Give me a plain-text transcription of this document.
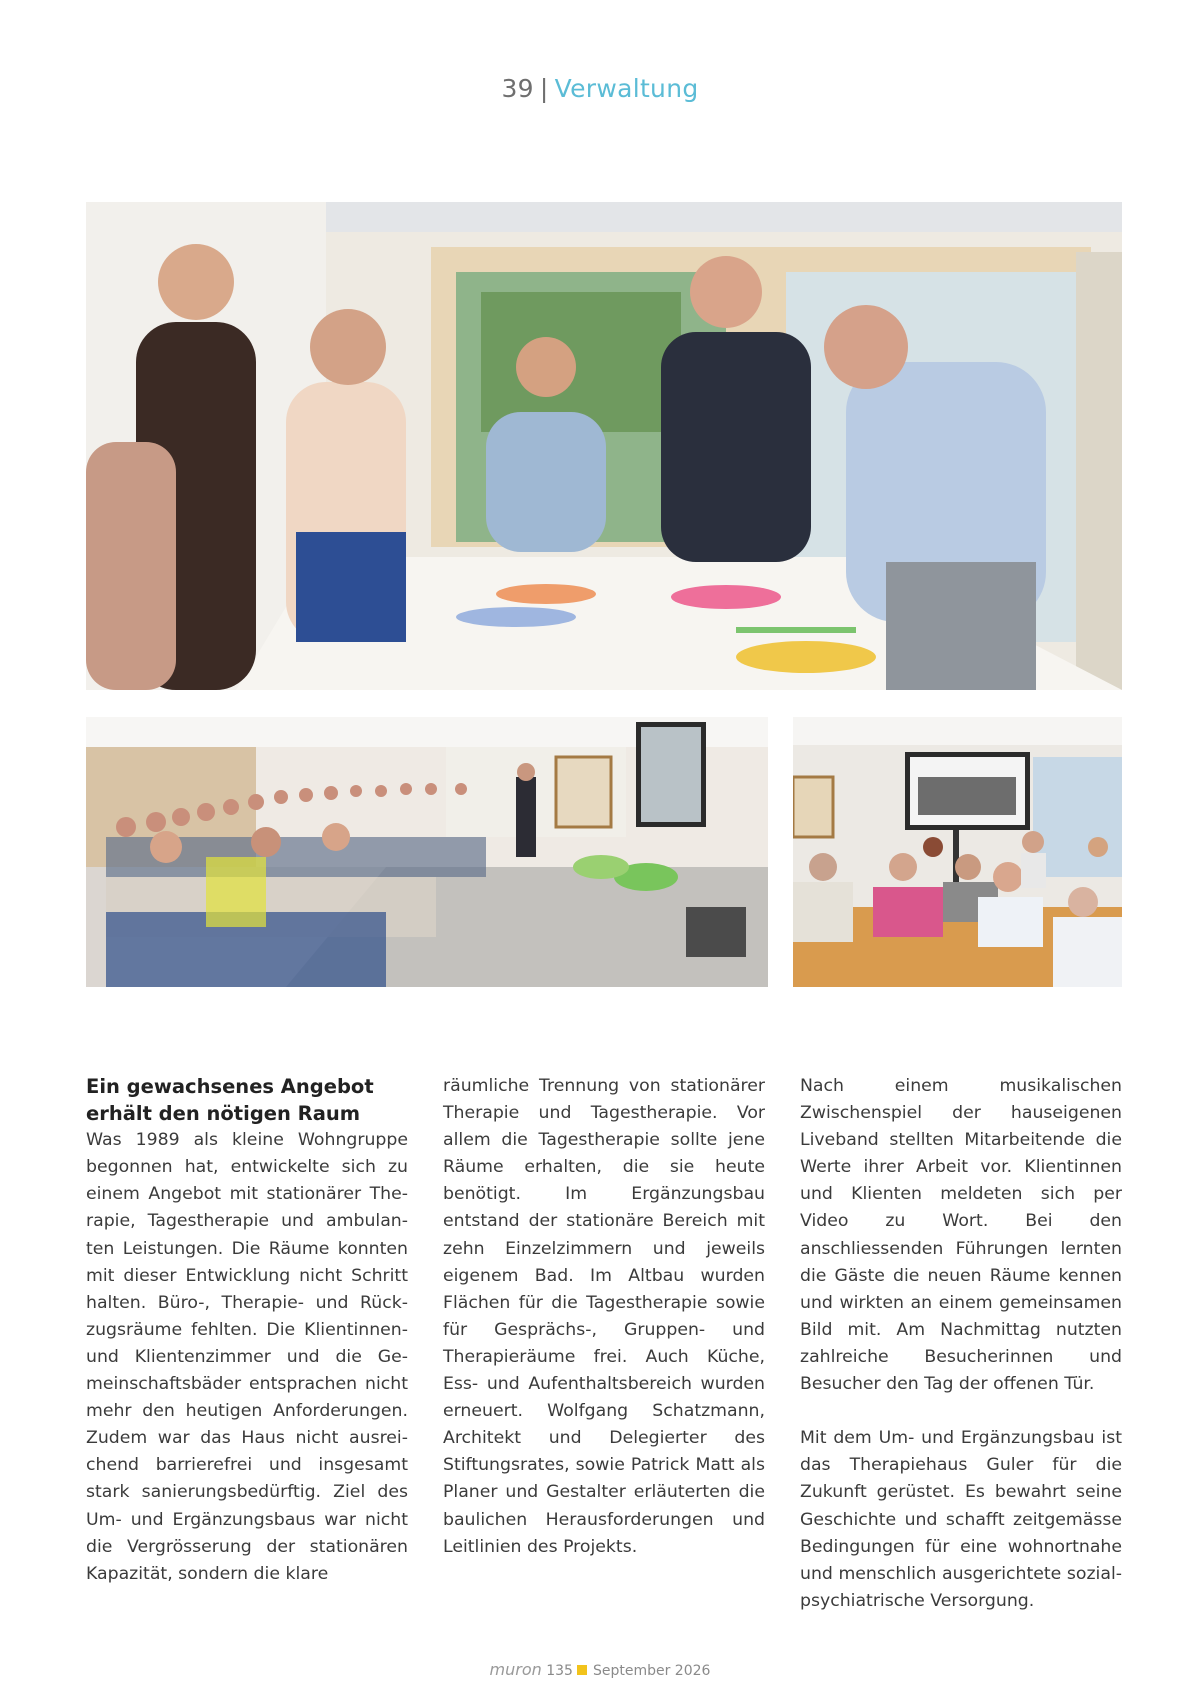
39 | Verwaltung
Ein gewachsenes Angebot erhält den nötigen Raum

Was 1989 als kleine Wohngruppe begonnen hat, entwickelte sich zu einem Angebot mit stationärer Therapie, Tagestherapie und ambulanten Leistungen. Die Räume konnten mit dieser Entwicklung nicht Schritt halten. Büro-, Therapie- und Rückzugsräume fehlten. Die Klientinnen- und Klientenzimmer und die Gemeinschaftsbäder entsprachen nicht mehr den heutigen Anforderungen. Zudem war das Haus nicht ausreichend barrierefrei und insgesamt stark sanierungsbedürftig. Ziel des Um- und Ergänzungsbaus war nicht die Vergrösserung der stationären Kapazität, sondern die klare

räumliche Trennung von stationärer Therapie und Tagestherapie. Vor allem die Tagestherapie sollte jene Räume erhalten, die sie heute benötigt. Im Ergänzungsbau entstand der stationäre Bereich mit zehn Einzelzimmern und jeweils eigenem Bad. Im Altbau wurden Flächen für die Tagestherapie sowie für Gesprächs-, Gruppen- und Therapieräume frei. Auch Küche, Ess- und Aufenthaltsbereich wurden erneuert. Wolfgang Schatzmann, Architekt und Delegierter des Stiftungsrates, sowie Patrick Matt als Planer und Gestalter erläuterten die baulichen Herausforderungen und Leitlinien des Projekts.

Nach einem musikalischen Zwischenspiel der hauseigenen Liveband stellten Mitarbeitende die Werte ihrer Arbeit vor. Klientinnen und Klienten meldeten sich per Video zu Wort. Bei den anschliessenden Führungen lernten die Gäste die neuen Räume kennen und wirkten an einem gemeinsamen Bild mit. Am Nachmittag nutzten zahlreiche Besucherinnen und Besucher den Tag der offenen Tür.

Mit dem Um- und Ergänzungsbau ist das Therapiehaus Guler für die Zukunft gerüstet. Es bewahrt seine Geschichte und schafft zeitgemässe Bedingungen für eine wohnortnahe und menschlich ausgerichtete sozialpsychiatrische Versorgung.

muron 135 September 2026
